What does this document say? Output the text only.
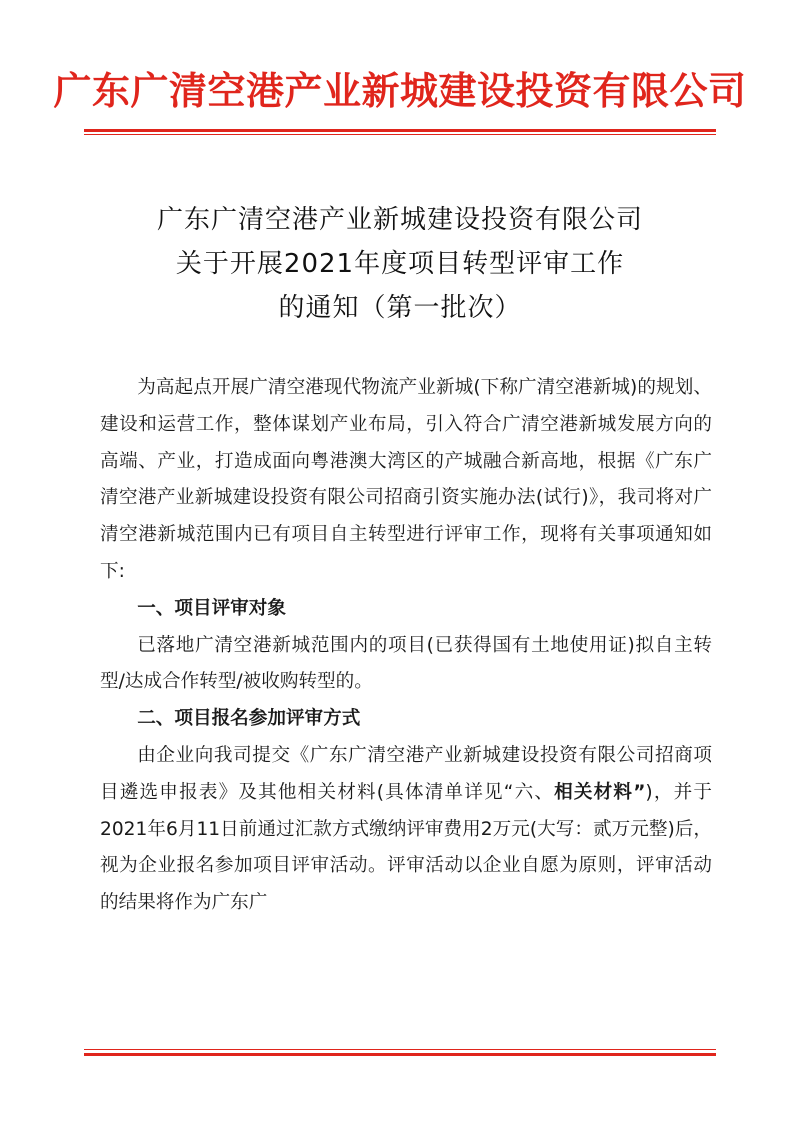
广东广清空港产业新城建设投资有限公司
广东广清空港产业新城建设投资有限公司
关于开展2021年度项目转型评审工作
的通知（第一批次）

为高起点开展广清空港现代物流产业新城(下称广清空港新城)的规划、建设和运营工作，整体谋划产业布局，引入符合广清空港新城发展方向的高端、产业，打造成面向粤港澳大湾区的产城融合新高地，根据《广东广清空港产业新城建设投资有限公司招商引资实施办法(试行)》，我司将对广清空港新城范围内已有项目自主转型进行评审工作，现将有关事项通知如下:

一、项目评审对象

已落地广清空港新城范围内的项目(已获得国有土地使用证)拟自主转型/达成合作转型/被收购转型的。

二、项目报名参加评审方式

由企业向我司提交《广东广清空港产业新城建设投资有限公司招商项目遴选申报表》及其他相关材料(具体清单详见“六、相关材料”)，并于2021年6月11日前通过汇款方式缴纳评审费用2万元(大写：贰万元整)后，视为企业报名参加项目评审活动。评审活动以企业自愿为原则，评审活动的结果将作为广东广
